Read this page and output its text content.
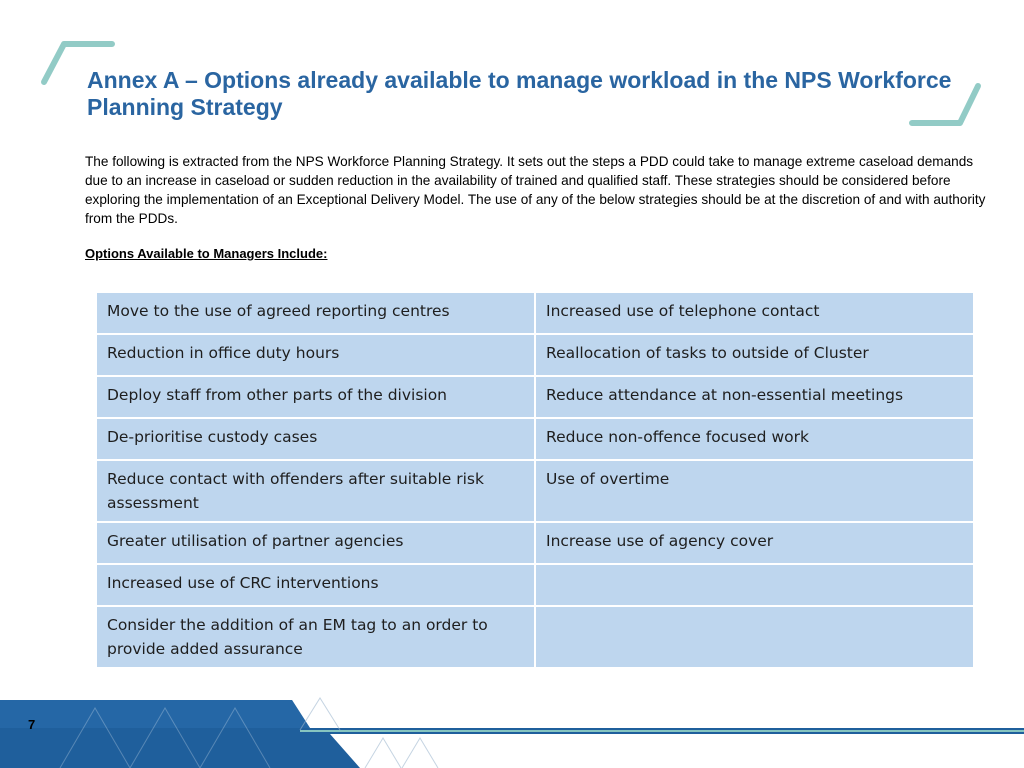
Annex A – Options already available to manage workload in the NPS Workforce Planning Strategy

The following is extracted from the NPS Workforce Planning Strategy. It sets out the steps a PDD could take to manage extreme caseload demands due to an increase in caseload or sudden reduction in the availability of trained and qualified staff. These strategies should be considered before exploring the implementation of an Exceptional Delivery Model. The use of any of the below strategies should be at the discretion of and with authority from the PDDs.

Options Available to Managers Include:

Move to the use of agreed reporting centres	Increased use of telephone contact
Reduction in office duty hours	Reallocation of tasks to outside of Cluster
Deploy staff from other parts of the division	Reduce attendance at non-essential meetings
De-prioritise custody cases	Reduce non-offence focused work
Reduce contact with offenders after suitable risk assessment	Use of overtime
Greater utilisation of partner agencies	Increase use of agency cover
Increased use of CRC interventions	
Consider the addition of an EM tag to an order to provide added assurance	
7
